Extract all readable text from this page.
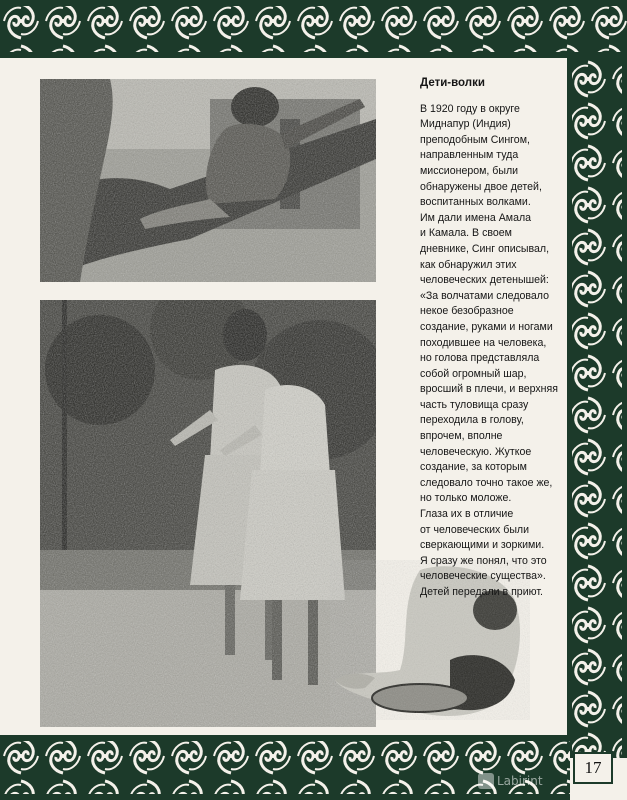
Дети-волки
В 1920 году в округе
Миднапур (Индия)
преподобным Сингом,
направленным туда
миссионером, были
обнаружены двое детей,
воспитанных волками.
Им дали имена Амала
и Камала. В своем
дневнике, Синг описывал,
как обнаружил этих
человеческих детенышей:
«За волчатами следовало
некое безобразное
создание, руками и ногами
походившее на человека,
но голова представляла
собой огромный шар,
вросший в плечи, и верхняя
часть туловища сразу
переходила в голову,
впрочем, вполне
человеческую. Жуткое
создание, за которым
следовало точно такое же,
но только моложе.
Глаза их в отличие
от человеческих были
сверкающими и зоркими.
Я сразу же понял, что это
человеческие существа».
Детей передали в приют.
17
Labirint
